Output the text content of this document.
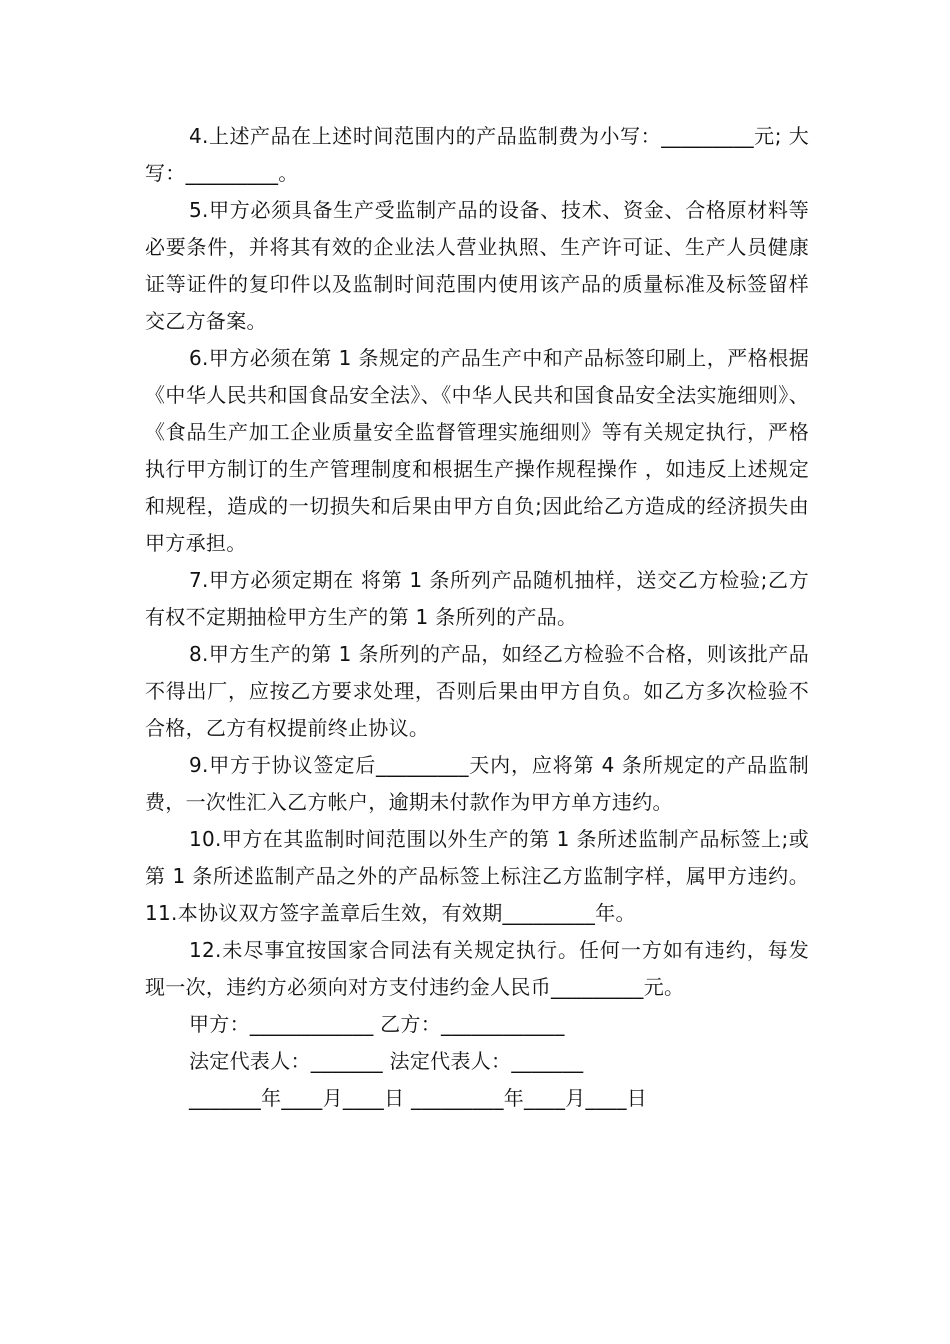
4.上述产品在上述时间范围内的产品监制费为小写：_________元; 大写：_________。

5.甲方必须具备生产受监制产品的设备、技术、资金、合格原材料等必要条件，并将其有效的企业法人营业执照、生产许可证、生产人员健康证等证件的复印件以及监制时间范围内使用该产品的质量标准及标签留样交乙方备案。

6.甲方必须在第 1 条规定的产品生产中和产品标签印刷上，严格根据《中华人民共和国食品安全法》、《中华人民共和国食品安全法实施细则》、《食品生产加工企业质量安全监督管理实施细则》等有关规定执行，严格执行甲方制订的生产管理制度和根据生产操作规程操作 ，如违反上述规定和规程，造成的一切损失和后果由甲方自负;因此给乙方造成的经济损失由甲方承担。

7.甲方必须定期在 将第 1 条所列产品随机抽样，送交乙方检验;乙方有权不定期抽检甲方生产的第 1 条所列的产品。

8.甲方生产的第 1 条所列的产品，如经乙方检验不合格，则该批产品不得出厂，应按乙方要求处理，否则后果由甲方自负。如乙方多次检验不合格，乙方有权提前终止协议。

9.甲方于协议签定后_________天内，应将第 4 条所规定的产品监制费，一次性汇入乙方帐户，逾期未付款作为甲方单方违约。

10.甲方在其监制时间范围以外生产的第 1 条所述监制产品标签上;或第 1 条所述监制产品之外的产品标签上标注乙方监制字样，属甲方违约。11.本协议双方签字盖章后生效，有效期_________年。

12.未尽事宜按国家合同法有关规定执行。任何一方如有违约，每发现一次，违约方必须向对方支付违约金人民币_________元。

甲方：____________ 乙方：____________

法定代表人：_______ 法定代表人：_______

_______年____月____日 _________年____月____日
